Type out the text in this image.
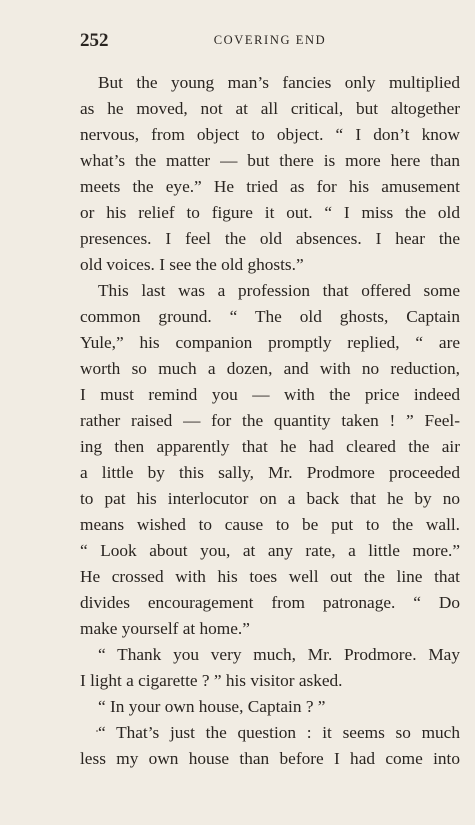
252	COVERING END
But the young man’s fancies only multiplied
as he moved, not at all critical, but altogether
nervous, from object to object. “ I don’t know
what’s the matter — but there is more here than
meets the eye.” He tried as for his amusement
or his relief to figure it out. “ I miss the old
presences. I feel the old absences. I hear the
old voices. I see the old ghosts.”
This last was a profession that offered some
common ground. “ The old ghosts, Captain
Yule,” his companion promptly replied, “ are
worth so much a dozen, and with no reduction,
I must remind you — with the price indeed
rather raised — for the quantity taken ! ” Feel-
ing then apparently that he had cleared the air
a little by this sally, Mr. Prodmore proceeded
to pat his interlocutor on a back that he by no
means wished to cause to be put to the wall.
“ Look about you, at any rate, a little more.”
He crossed with his toes well out the line that
divides encouragement from patronage. “ Do
make yourself at home.”
“ Thank you very much, Mr. Prodmore. May
I light a cigarette ? ” his visitor asked.
“ In your own house, Captain ? ”
“ That’s just the question : it seems so much
less my own house than before I had come into
